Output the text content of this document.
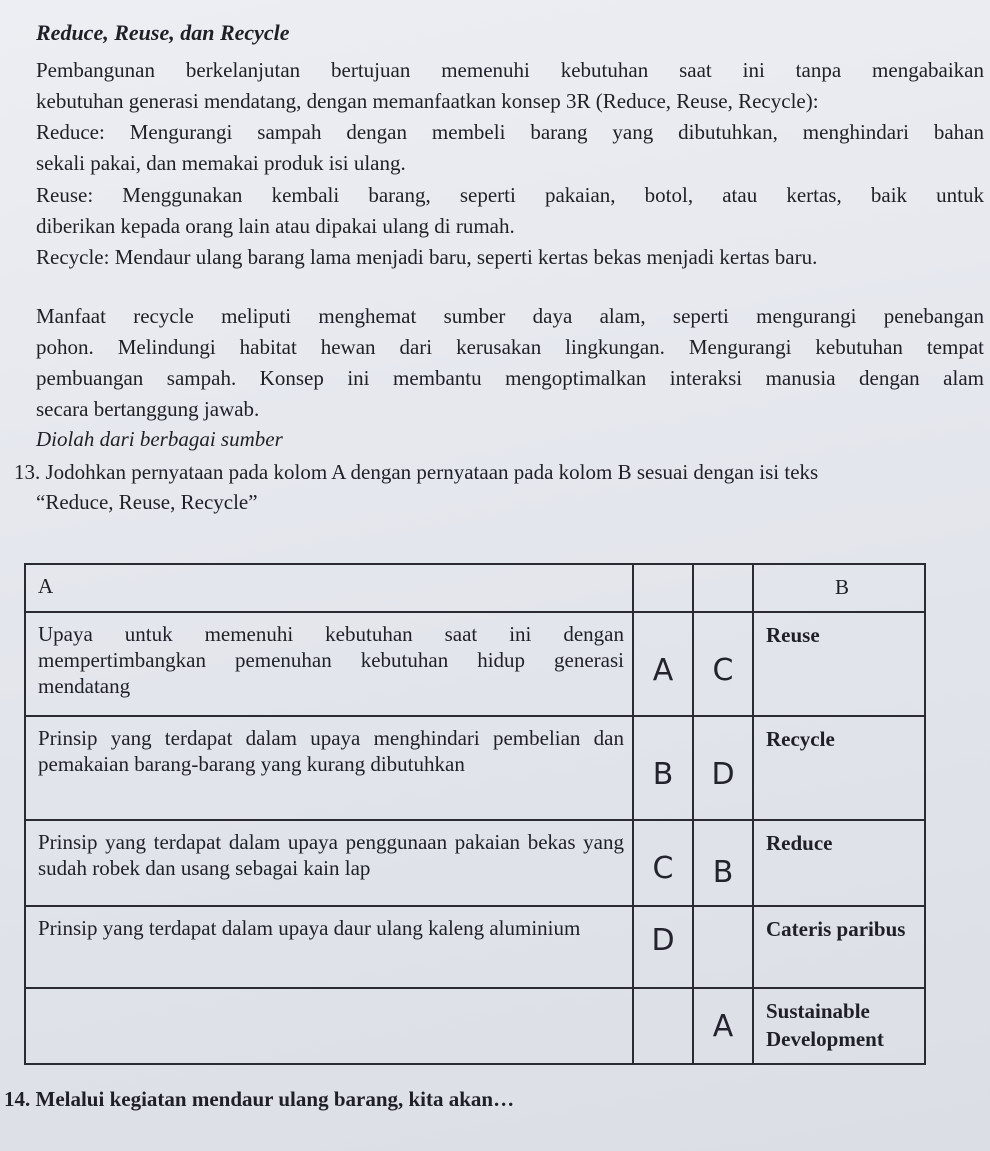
Reduce, Reuse, dan Recycle
Pembangunan berkelanjutan bertujuan memenuhi kebutuhan saat ini tanpa mengabaikan
kebutuhan generasi mendatang, dengan memanfaatkan konsep 3R (Reduce, Reuse, Recycle):
Reduce: Mengurangi sampah dengan membeli barang yang dibutuhkan, menghindari bahan
sekali pakai, dan memakai produk isi ulang.
Reuse: Menggunakan kembali barang, seperti pakaian, botol, atau kertas, baik untuk
diberikan kepada orang lain atau dipakai ulang di rumah.
Recycle: Mendaur ulang barang lama menjadi baru, seperti kertas bekas menjadi kertas baru.
Manfaat recycle meliputi menghemat sumber daya alam, seperti mengurangi penebangan
pohon. Melindungi habitat hewan dari kerusakan lingkungan. Mengurangi kebutuhan tempat
pembuangan sampah. Konsep ini membantu mengoptimalkan interaksi manusia dengan alam
secara bertanggung jawab.
Diolah dari berbagai sumber
13. Jodohkan pernyataan pada kolom A dengan pernyataan pada kolom B sesuai dengan isi teks
“Reduce, Reuse, Recycle”
A			B
Upaya untuk memenuhi kebutuhan saat ini dengan mempertimbangkan pemenuhan kebutuhan hidup generasi mendatang	A	C	Reuse
Prinsip yang terdapat dalam upaya menghindari pembelian dan pemakaian barang-barang yang kurang dibutuhkan	B	D	Recycle
Prinsip yang terdapat dalam upaya penggunaan pakaian bekas yang sudah robek dan usang sebagai kain lap	C	B	Reduce
Prinsip yang terdapat dalam upaya daur ulang kaleng aluminium	D		Cateris paribus

		A	Sustainable Development
14. Melalui kegiatan mendaur ulang barang, kita akan…
